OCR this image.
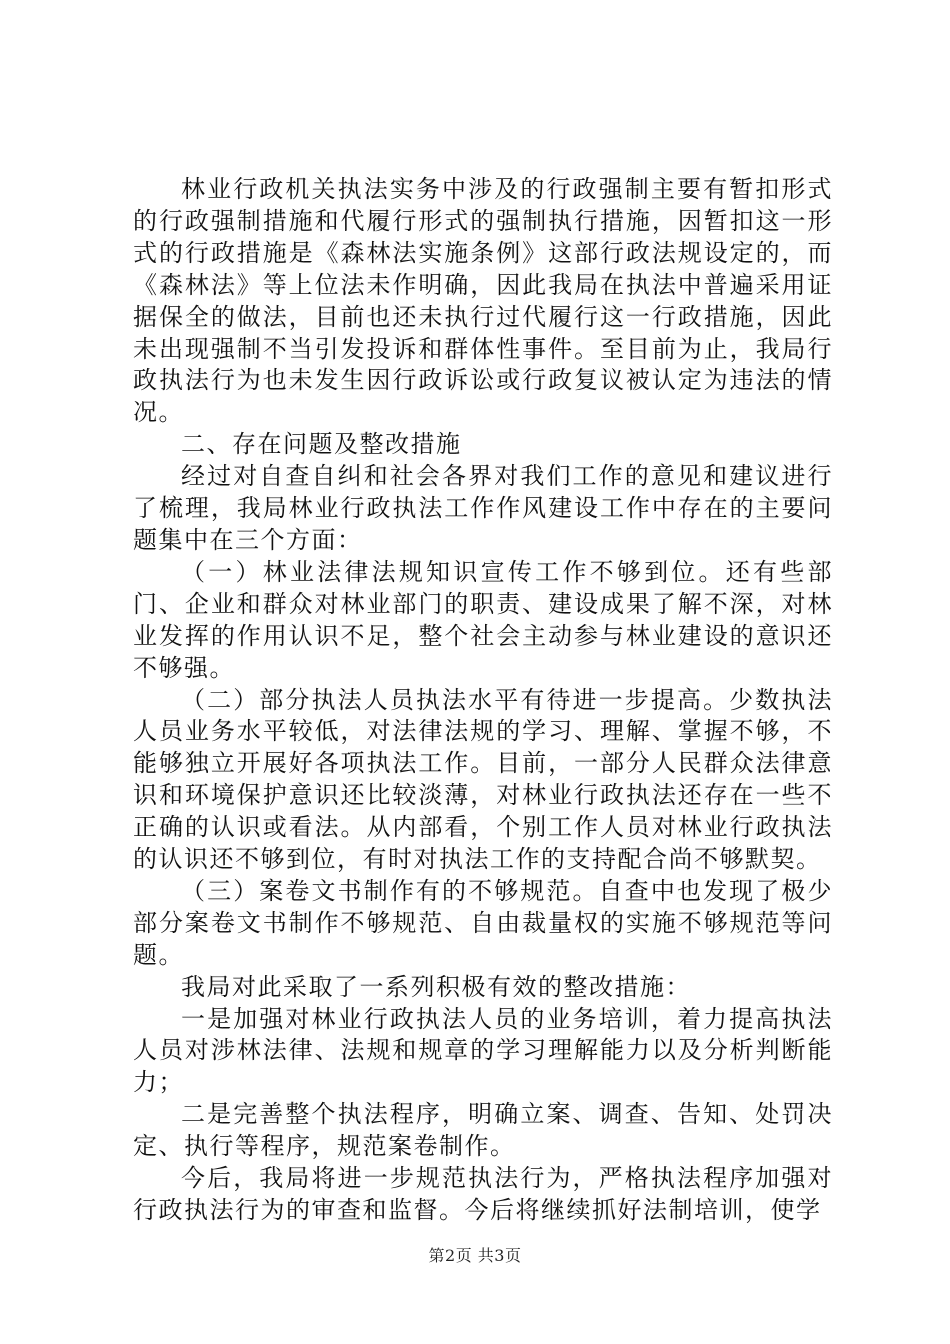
林业行政机关执法实务中涉及的行政强制主要有暂扣形式的行政强制措施和代履行形式的强制执行措施，因暂扣这一形式的行政措施是《森林法实施条例》这部行政法规设定的，而《森林法》等上位法未作明确，因此我局在执法中普遍采用证据保全的做法，目前也还未执行过代履行这一行政措施，因此未出现强制不当引发投诉和群体性事件。至目前为止，我局行政执法行为也未发生因行政诉讼或行政复议被认定为违法的情况。

二、存在问题及整改措施

经过对自查自纠和社会各界对我们工作的意见和建议进行了梳理，我局林业行政执法工作作风建设工作中存在的主要问题集中在三个方面：

（一）林业法律法规知识宣传工作不够到位。还有些部门、企业和群众对林业部门的职责、建设成果了解不深，对林业发挥的作用认识不足，整个社会主动参与林业建设的意识还不够强。

（二）部分执法人员执法水平有待进一步提高。少数执法人员业务水平较低，对法律法规的学习、理解、掌握不够，不能够独立开展好各项执法工作。目前，一部分人民群众法律意识和环境保护意识还比较淡薄，对林业行政执法还存在一些不正确的认识或看法。从内部看，个别工作人员对林业行政执法的认识还不够到位，有时对执法工作的支持配合尚不够默契。

（三）案卷文书制作有的不够规范。自查中也发现了极少部分案卷文书制作不够规范、自由裁量权的实施不够规范等问题。

我局对此采取了一系列积极有效的整改措施：

一是加强对林业行政执法人员的业务培训，着力提高执法人员对涉林法律、法规和规章的学习理解能力以及分析判断能力；

二是完善整个执法程序，明确立案、调查、告知、处罚决定、执行等程序，规范案卷制作。

今后，我局将进一步规范执法行为，严格执法程序加强对行政执法行为的审查和监督。今后将继续抓好法制培训，使学

第2页 共3页
